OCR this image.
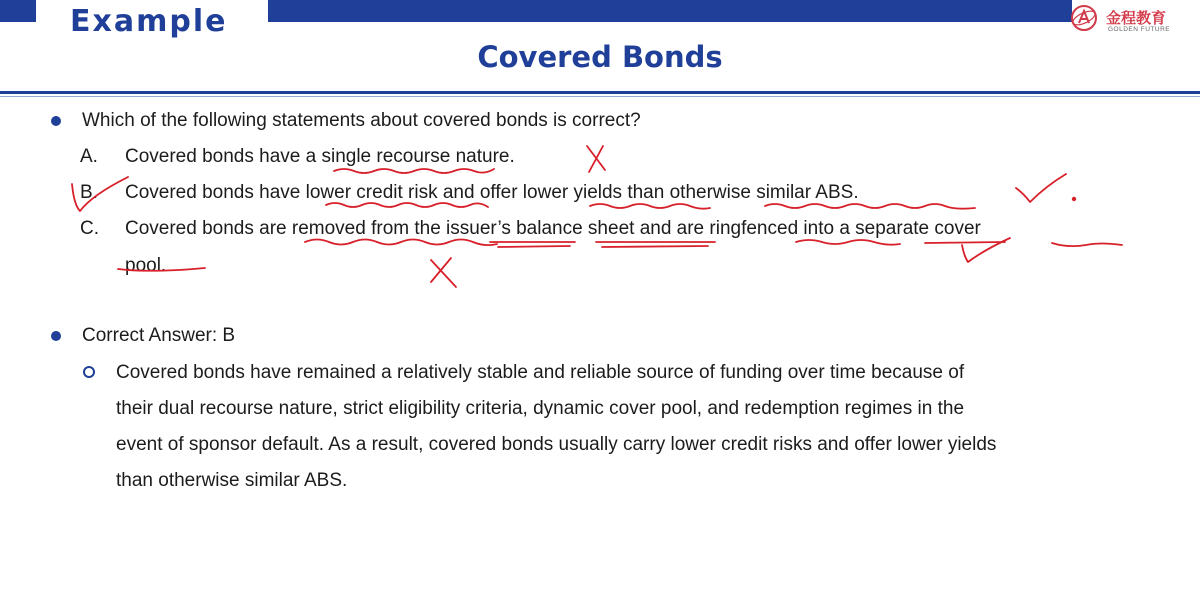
Example	金程教育
GOLDEN FUTURE
Covered Bonds
Which of the following statements about covered bonds is correct?
A. Covered bonds have a single recourse nature.
B. Covered bonds have lower credit risk and offer lower yields than otherwise similar ABS.
C. Covered bonds are removed from the issuer’s balance sheet and are ringfenced into a separate cover
pool.
Correct Answer: B
Covered bonds have remained a relatively stable and reliable source of funding over time because of
their dual recourse nature, strict eligibility criteria, dynamic cover pool, and redemption regimes in the
event of sponsor default. As a result, covered bonds usually carry lower credit risks and offer lower yields
than otherwise similar ABS.
